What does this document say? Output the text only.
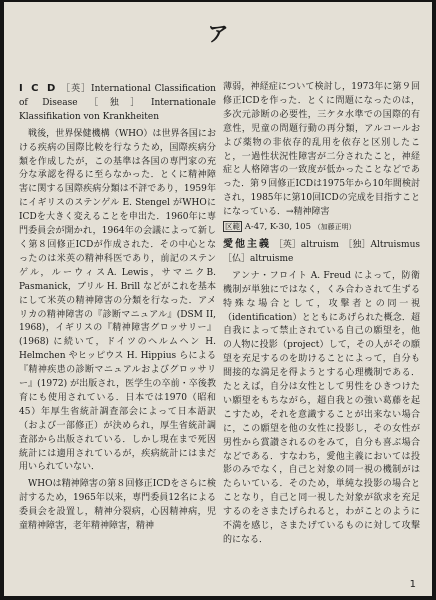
ア

I C D ［英］International Classification of Disease［独］Internationale Klassifikation von Krankheiten

戦後，世界保健機構（WHO）は世界各国における疾病の国際比較を行なうため，国際疾病分類を作成したが，この基準は各国の専門家の充分な承認を得るに至らなかった．とくに精神障害に関する国際疾病分類は不評であり，1959年にイギリスのステンゲル E. Stengel がWHOにICDを大きく変えることを申出た．1960年に専門委員会が開かれ，1964年の会議によって新しく第８回修正ICDが作成された．その中心となったのは米英の精神科医であり，前記のステンゲル，ルーウィスA. Lewis，サマニクB. Pasmanick，ブリル H. Brill などがこれを基本にして米英の精神障害の分類を行なった．アメリカの精神障害の『診断マニュアル』(DSM II, 1968)，イギリスの『精神障害グロッサリー』(1968) に続いて，ドイツのヘルムヘン H. Helmchen やヒッピウス H. Hippius らによる『精神疾患の診断マニュアルおよびグロッサリー』(1972) が出版され，医学生の卒前・卒後教育にも使用されている．日本では1970（昭和45）年厚生省統計調査部会によって日本語訳（および一部修正）が決められ，厚生省統計調査部から出版されている．しかし現在まで死因統計には適用されているが，疾病統計にはまだ用いられていない．

WHOは精神障害の第８回修正ICDをさらに検討するため，1965年以来，専門委員12名による委員会を設置し，精神分裂病，心因精神病，児童精神障害，老年精神障害，精神

薄弱，神経症について検討し，1973年に第９回修正ICDを作った．とくに問題になったのは，多次元診断の必要性，三ケタ水準での国際的有意性，児童の問題行動の再分類，アルコールおよび薬物の非依存的乱用を依存と区別したこと，一過性状況性障害が二分されたこと，神経症と人格障害の一致度が低かったことなどであった．第９回修正ICDは1975年から10年間検討され，1985年に第10回ICDの完成を目指すことになっている．→精神障害

区範 A-47, K-30, 105 （加藤正明）

愛他主義 ［英］altruism　［独］Altruismus ［仏］altruisme

アンナ・フロイト A. Freud によって，防衛機制が単独にではなく，くみ合わされて生ずる特殊な場合として，攻撃者との同一視（identification）とともにあげられた概念．超自我によって禁止されている自己の願望を，他の人物に投影（project）して，その人がその願望を充足するのを助けることによって，自分も間接的な満足を得ようとする心理機制である．たとえば，自分は女性として男性をひきつけたい願望をもちながら，超自我との強い葛藤を起こすため，それを意識することが出来ない場合に，この願望を他の女性に投影し，その女性が男性から賞讃されるのをみて，自分も喜ぶ場合などである．すなわち，愛他主義においては投影のみでなく，自己と対象の同一視の機制がはたらいている．そのため，単純な投影の場合とことなり，自己と同一視した対象が欲求を充足するのをさまたげられると，わがことのように不満を感じ，さまたげているものに対して攻撃的になる．

1
